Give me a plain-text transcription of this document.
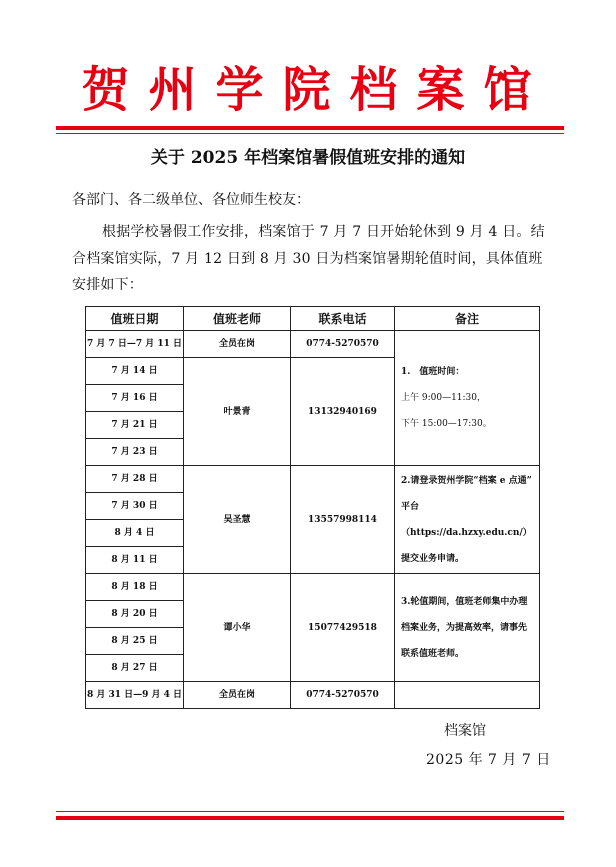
贺州学院档案馆
关于 2025 年档案馆暑假值班安排的通知
各部门、各二级单位、各位师生校友：
根据学校暑假工作安排，档案馆于 7 月 7 日开始轮休到 9 月 4 日。结合档案馆实际，7 月 12 日到 8 月 30 日为档案馆暑期轮值时间，具体值班安排如下：
值班日期	值班老师	联系电话	备注
7 月 7 日—7 月 11 日	全员在岗	0774-5270570	1.　值班时间：
上午 9:00—11:30，
下午 15:00—17:30。

7 月 14 日	叶景青	13132940169	
7 月 16 日			
7 月 21 日			
7 月 23 日			
7 月 28 日	吴圣慧	13557998114	2.请登录贺州学院“档案 e 点通”
平台（https://da.hzxy.edu.cn/）
提交业务申请。

7 月 30 日			
8 月 4 日			
8 月 11 日			
8 月 18 日	谭小华	15077429518	3.轮值期间，值班老师集中办理
档案业务，为提高效率，请事先
联系值班老师。

8 月 20 日			
8 月 25 日			
8 月 27 日			
8 月 31 日—9 月 4 日	全员在岗	0774-5270570	
档案馆
2025 年 7 月 7 日
